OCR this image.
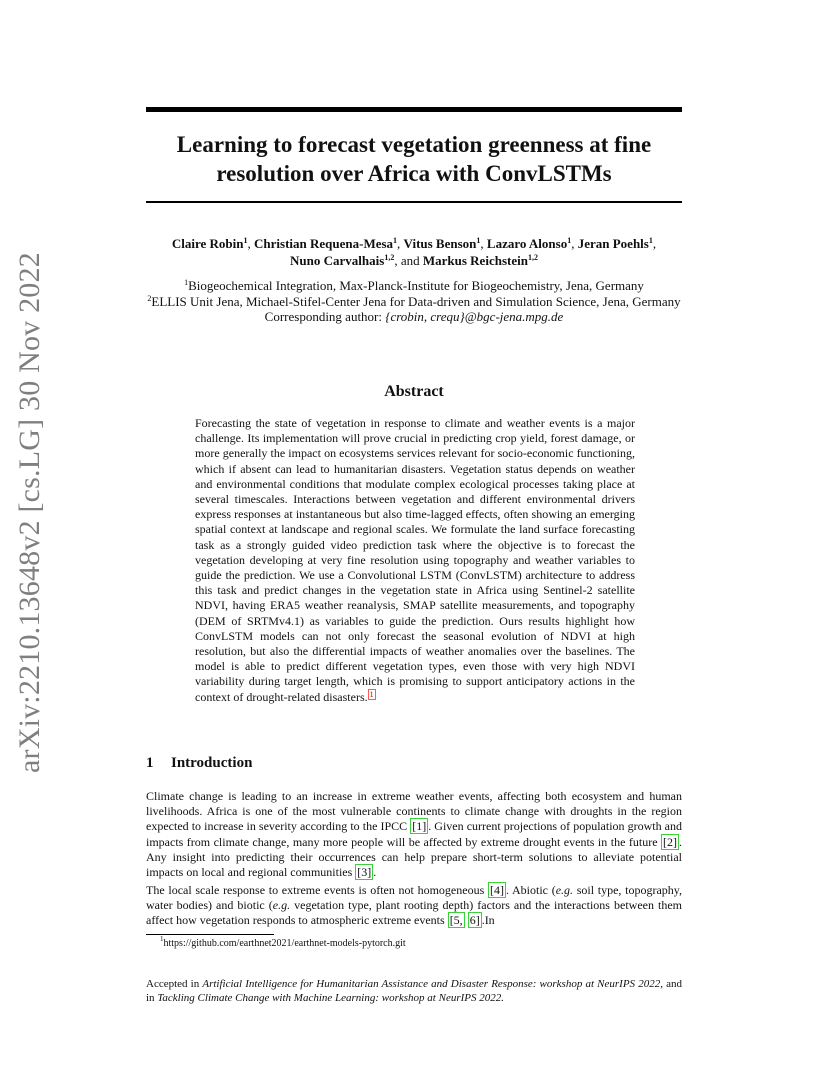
arXiv:2210.13648v2 [cs.LG] 30 Nov 2022
Learning to forecast vegetation greenness at fine
resolution over Africa with ConvLSTMs
Claire Robin$^1$, Christian Requena-Mesa$^1$, Vitus Benson$^1$, Lazaro Alonso$^1$, Jeran Poehls$^1$,
Nuno Carvalhais$^{1,2}$, and Markus Reichstein$^{1,2}$
$^1$Biogeochemical Integration, Max-Planck-Institute for Biogeochemistry, Jena, Germany
$^2$ELLIS Unit Jena, Michael-Stifel-Center Jena for Data-driven and Simulation Science, Jena, Germany
Corresponding author: {crobin, crequ}@bgc-jena.mpg.de
Abstract
Forecasting the state of vegetation in response to climate and weather events is a major challenge. Its implementation will prove crucial in predicting crop yield, forest damage, or more generally the impact on ecosystems services relevant for socio-economic functioning, which if absent can lead to humanitarian disasters. Vegetation status depends on weather and environmental conditions that modulate complex ecological processes taking place at several timescales. Interactions between vegetation and different environmental drivers express responses at instantaneous but also time-lagged effects, often showing an emerging spatial context at landscape and regional scales. We formulate the land surface forecasting task as a strongly guided video prediction task where the objective is to forecast the vegetation developing at very fine resolution using topography and weather variables to guide the prediction. We use a Convolutional LSTM (ConvLSTM) architecture to address this task and predict changes in the vegetation state in Africa using Sentinel-2 satellite NDVI, having ERA5 weather reanalysis, SMAP satellite measurements, and topography (DEM of SRTMv4.1) as variables to guide the prediction. Ours results highlight how ConvLSTM models can not only forecast the seasonal evolution of NDVI at high resolution, but also the differential impacts of weather anomalies over the baselines. The model is able to predict different vegetation types, even those with very high NDVI variability during target length, which is promising to support anticipatory actions in the context of drought-related disasters. $^1$
1 Introduction
Climate change is leading to an increase in extreme weather events, affecting both ecosystem and human livelihoods. Africa is one of the most vulnerable continents to climate change with droughts in the region expected to increase in severity according to the IPCC [1] . Given current projections of population growth and impacts from climate change, many more people will be affected by extreme drought events in the future [2] . Any insight into predicting their occurrences can help prepare short-term solutions to alleviate potential impacts on local and regional communities [3] .
The local scale response to extreme events is often not homogeneous [4] . Abiotic (e.g. soil type, topography, water bodies) and biotic (e.g. vegetation type, plant rooting depth) factors and the interactions between them affect how vegetation responds to atmospheric extreme events [5, 6] .In
$^1$https://github.com/earthnet2021/earthnet-models-pytorch.git
Accepted in Artificial Intelligence for Humanitarian Assistance and Disaster Response: workshop at NeurIPS 2022, and in Tackling Climate Change with Machine Learning: workshop at NeurIPS 2022.
